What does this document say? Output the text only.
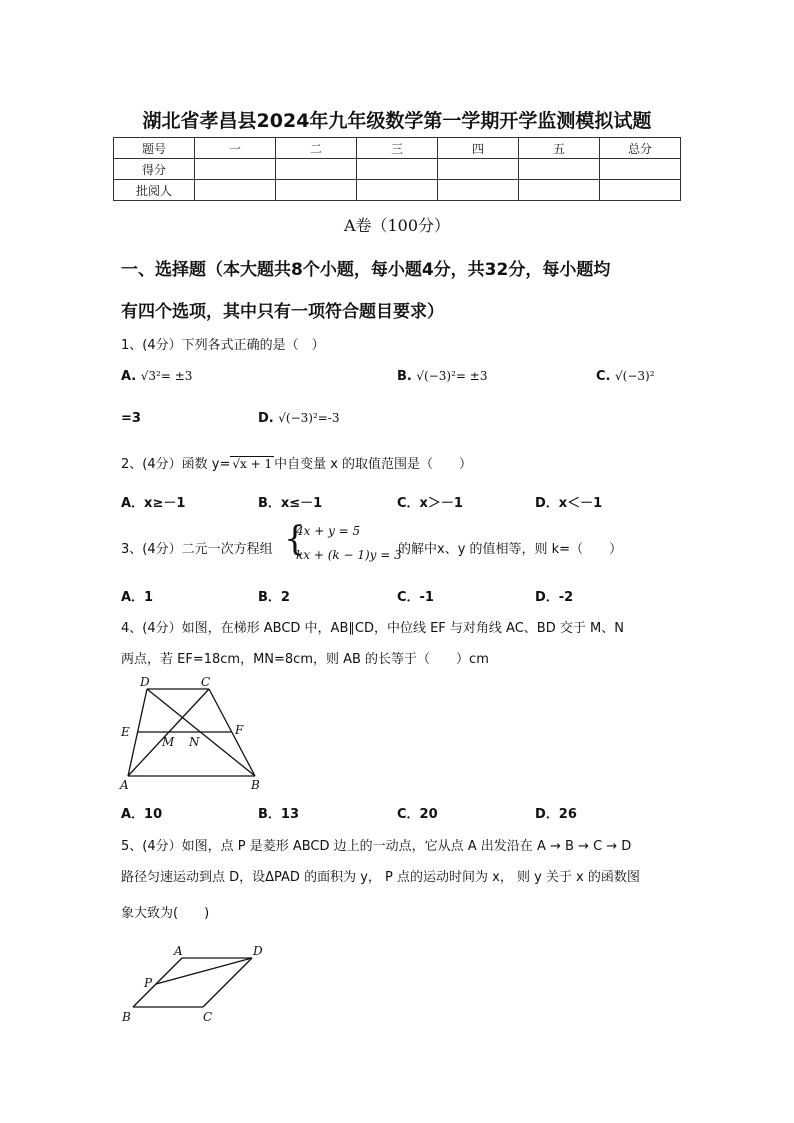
湖北省孝昌县2024年九年级数学第一学期开学监测模拟试题
题号	一	二	三	四	五	总分
得分						
批阅人						
A卷（100分）
一、选择题（本大题共8个小题，每小题4分，共32分，每小题均
有四个选项，其中只有一项符合题目要求）
1、(4分）下列各式正确的是（　）
A. √3²= ±3	B. √(−3)²= ±3	C. √(−3)²
=3	D. √(−3)²=-3
2、(4分）函数 y= √x + 1 中自变量 x 的取值范围是（　　）
A．x≥－1	B．x≤－1	C．x＞－1	D．x＜－1
3、(4分）二元一次方程组 {
4x + y = 5
kx + (k − 1)y = 3
的解中x、y 的值相等，则 k=（　　）
A．1	B．2	C．-1	D．-2
4、(4分）如图，在梯形 ABCD 中，AB∥CD，中位线 EF 与对角线 AC、BD 交于 M、N
两点，若 EF=18cm，MN=8cm，则 AB 的长等于（　　）cm
D	C
E	F
M N
A	B
A．10	B．13	C．20	D．26
5、(4分）如图，点 P 是菱形 ABCD 边上的一动点，它从点 A 出发沿在 A → B → C → D
路径匀速运动到点 D，设ΔPAD 的面积为 y， P 点的运动时间为 x， 则 y 关于 x 的函数图
象大致为(　　)
A	D
P
B	C
